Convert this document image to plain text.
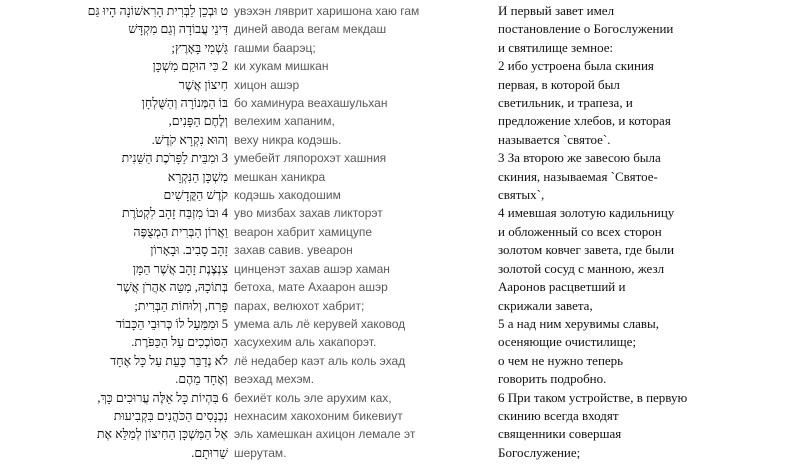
ט וּבְכֵן לַבְּרִית הָרִאשׁוֹנָה הָיוּ גַּם
דִּינֵי עֲבוֹדָה וְגַם מִקְדָּשׁ
גַּשְׁמִי בָּאָרֶץ;
2 כִּי הוּקַם מִשְׁכָּן
חִיצוֹן אֲשֶׁר
בּוֹ הַמְּנוֹרָה וְהַשֻּׁלְחָן
וְלֶחֶם הַפָּנִים,
וְהוּא נִקְרָא קֹדֶשׁ.
3 וּמִבֵּית לַפָּרֹכֶת הַשֵּׁנִית
מִשְׁכָּן הַנִּקְרָא
קֹדֶשׁ הַקֳּדָשִׁים
4 וּבוֹ מִזְבַּח זָהָב לִקְטֹרֶת
וַאֲרוֹן הַבְּרִית הַמְצֻפֶּה
זָהָב סָבִיב. וּבָאָרוֹן
צִנְצֶנֶת זָהָב אֲשֶׁר הַמָּן
בְּתוֹכָהּ, מַטֵּה אַהֲרֹן אֲשֶׁר
פָּרַח, וְלוּחוֹת הַבְּרִית;
5 וּמִמַּעַל לוֹ כְּרוּבֵי הַכָּבוֹד
הַסּוֹכְכִים עַל הַכַּפֹּרֶת.
לֹא נְדַבֵּר כָּעֵת עַל כָּל אֶחָד
וְאֶחָד מֵהֶם.
6 בִּהְיוֹת כָּל אֵלֶּה עֲרוּכִים כָּךְ,
נִכְנָסִים הַכֹּהֲנִים בִּקְבִיעוּת
אֶל הַמִּשְׁכָּן הַחִיצוֹן לְמַלֵּא אֶת
שֵׁרוּתָם.
увэхэн ляврит харишона хаю гам
диней авода вегам мекдаш
гашми баарэц;
ки хукам мишкан
хицон ашэр
бо хаминура веахашульхан
велехим хапаним,
веху никра кодэшь.
умебейт ляпорохэт хашния
мешкан ханикра
кодэшь хакодошим
уво мизбах захав ликторэт
веарон хабрит хамицупе
захав савив. увеарон
цинценэт захав ашэр хаман
бетоха, мате Ахаарон ашэр
парах, велюхот хабрит;
умема аль лё керувей хаковод
хасухехим аль хакапорэт.
лё недабер каэт аль коль эхад
веэхад мехэм.
бехиёт коль эле арухим ках,
нехнасим хакохоним бикевиут
эль хамешкан ахицон лемале эт
шерутам.
И первый завет имел
постановление о Богослужении
и святилище земное:
2 ибо устроена была скиния
первая, в которой был
светильник, и трапеза, и
предложение хлебов, и которая
называется `святое`.
3 За второю же завесою была
скиния, называемая `Святое-
святых`,
4 имевшая золотую кадильницу
и обложенный со всех сторон
золотом ковчег завета, где были
золотой сосуд с манною, жезл
Ааронов расцветший и
скрижали завета,
5 а над ним херувимы славы,
осеняющие очистилище;
о чем не нужно теперь
говорить подробно.
6 При таком устройстве, в первую
скинию всегда входят
священники совершая
Богослужение;
